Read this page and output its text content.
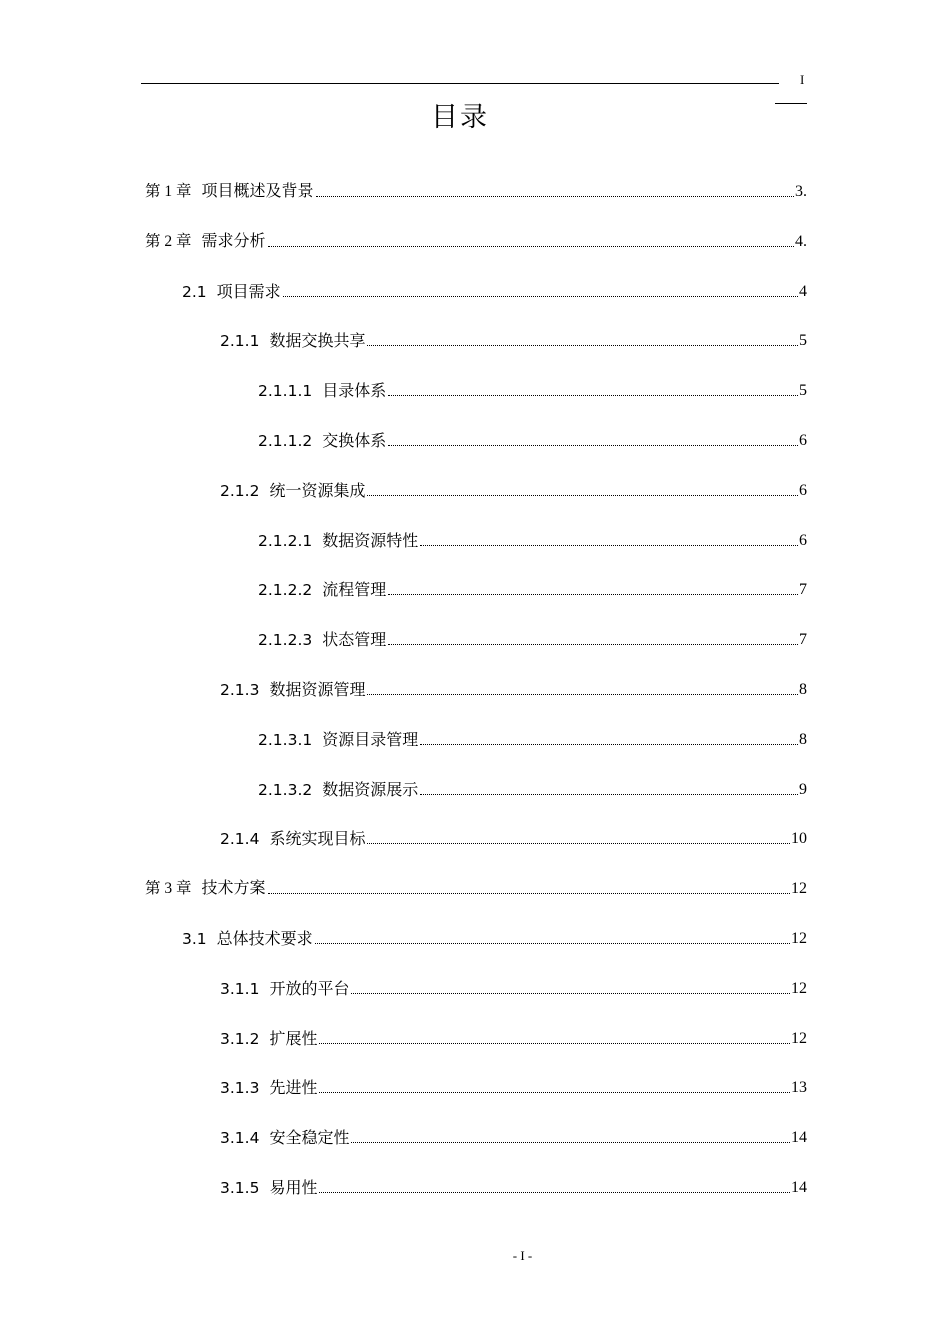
I
目录
第 1 章 项目概述及背景	3.
第 2 章 需求分析	4.
2.1 项目需求	4
2.1.1 数据交换共享	5
2.1.1.1 目录体系	5
2.1.1.2 交换体系	6
2.1.2 统一资源集成	6
2.1.2.1 数据资源特性	6
2.1.2.2 流程管理	7
2.1.2.3 状态管理	7
2.1.3 数据资源管理	8
2.1.3.1 资源目录管理	8
2.1.3.2 数据资源展示	9
2.1.4 系统实现目标	10
第 3 章 技术方案	12
3.1 总体技术要求	12
3.1.1 开放的平台	12
3.1.2 扩展性	12
3.1.3 先进性	13
3.1.4 安全稳定性	14
3.1.5 易用性	14
- I -
